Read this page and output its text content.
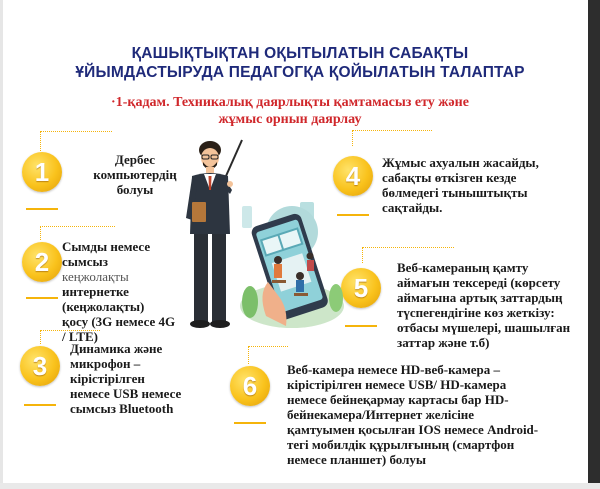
ҚАШЫҚТЫҚТАН ОҚЫТЫЛАТЫН САБАҚТЫ
ҰЙЫМДАСТЫРУДА ПЕДАГОГҚА ҚОЙЫЛАТЫН ТАЛАПТАР
·1-қадам. Техникалық даярлықты қамтамасыз ету және
жұмыс орнын даярлау
1
2
3
4
5
6
Дербес
компьютердің
болуы
Сымды немесе
сымсыз
кеңжолақты
интернетке
(кеңжолақты)
қосу (3G немесе 4G
/ LTE)
Динамика және
микрофон –
кірістірілген
немесе USB немесе
сымсыз Bluetooth
Жұмыс ахуалын жасайды,
сабақты өткізген кезде
бөлмедегі тыныштықты
сақтайды.
Веб-камераның қамту
аймағын тексереді (көрсету
аймағына артық заттардың
түспегендігіне көз жеткізу:
отбасы мүшелері, шашылған
заттар және т.б)
Веб-камера немесе HD-веб-камера –
кірістірілген немесе USB/ HD-камера
немесе бейнеқармау картасы бар HD-
бейнекамера/Интернет желісіне
қамтуымен қосылған IOS немесе Android-
тегі мобилдік құрылғының (смартфон
немесе планшет) болуы
